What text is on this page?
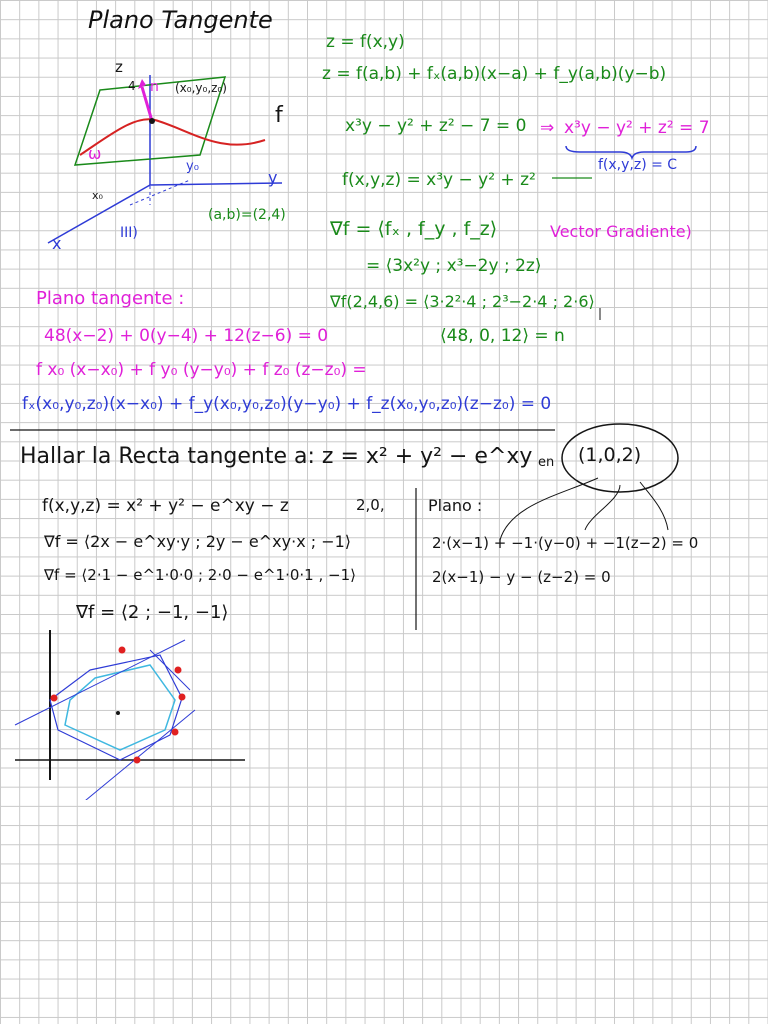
Plano Tangente
z
4 n (x₀,y₀,z₀)
f
ω
y₀
y
x₀
(a,b)=(2,4)
III)
x
z = f(x,y)
z = f(a,b) + fₓ(a,b)(x−a) + f_y(a,b)(y−b)
x³y − y² + z² − 7 = 0 ⇒ x³y − y² + z² = 7
f(x,y,z) = C
f(x,y,z) = x³y − y² + z²
∇f = ⟨fₓ , f_y , f_z⟩	Vector Gradiente)
= ⟨3x²y ; x³−2y ; 2z⟩
∇f(2,4,6) = ⟨3·2²·4 ; 2³−2·4 ; 2·6⟩
⟨48, 0, 12⟩ = n
Plano tangente :
48(x−2) + 0(y−4) + 12(z−6) = 0
f x₀ (x−x₀) + f y₀ (y−y₀) + f z₀ (z−z₀) =
fₓ(x₀,y₀,z₀)(x−x₀) + f_y(x₀,y₀,z₀)(y−y₀) + f_z(x₀,y₀,z₀)(z−z₀) = 0
Hallar la Recta tangente a: z = x² + y² − e^xy en (1,0,2)
f(x,y,z) = x² + y² − e^xy − z	2,0,
∇f = ⟨2x − e^xy·y ; 2y − e^xy·x ; −1⟩
∇f = ⟨2·1 − e^1·0·0 ; 2·0 − e^1·0·1 , −1⟩
∇f = ⟨2 ; −1, −1⟩
Plano :
2·(x−1) + −1·(y−0) + −1(z−2) = 0
2(x−1) − y − (z−2) = 0
